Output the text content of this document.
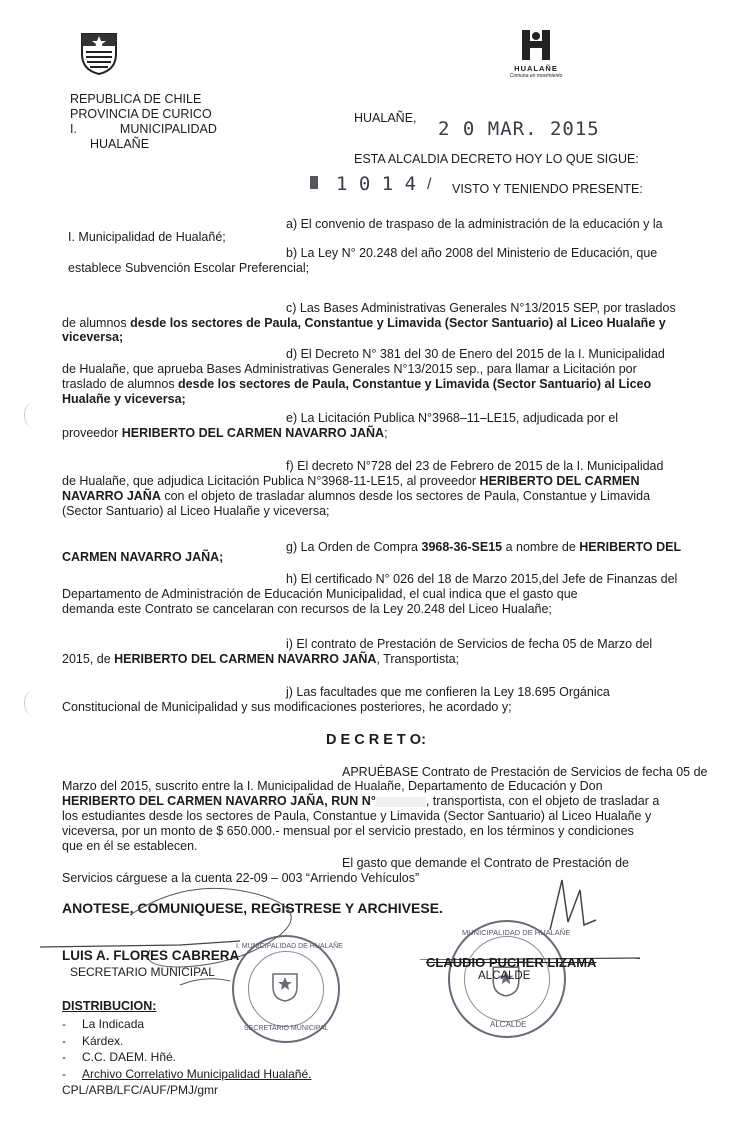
REPUBLICA DE CHILE
PROVINCIA DE CURICO
I.	MUNICIPALIDAD
HUALAÑE
HUALAÑE
Comuna en movimiento
HUALAÑE, 2 0 MAR. 2015
ESTA ALCALDIA DECRETO HOY LO QUE SIGUE:
1 0 1 4 / VISTO Y TENIENDO PRESENTE:
a) El convenio de traspaso de la administración de la educación y la
I. Municipalidad de Hualañé;
b) La Ley N° 20.248 del año 2008 del Ministerio de Educación, que
establece Subvención Escolar Preferencial;
c) Las Bases Administrativas Generales N°13/2015 SEP, por traslados
de alumnos desde los sectores de Paula, Constantue y Limavida (Sector Santuario) al Liceo Hualañe y
viceversa;
d) El Decreto N° 381 del 30 de Enero del 2015 de la I. Municipalidad
de Hualañe, que aprueba Bases Administrativas Generales N°13/2015 sep., para llamar a Licitación por
traslado de alumnos desde los sectores de Paula, Constantue y Limavida (Sector Santuario) al Liceo
Hualañe y viceversa;
e) La Licitación Publica N°3968–11–LE15, adjudicada por el
proveedor HERIBERTO DEL CARMEN NAVARRO JAÑA;
f) El decreto N°728 del 23 de Febrero de 2015 de la I. Municipalidad
de Hualañe, que adjudica Licitación Publica N°3968-11-LE15, al proveedor HERIBERTO DEL CARMEN
NAVARRO JAÑA con el objeto de trasladar alumnos desde los sectores de Paula, Constantue y Limavida
(Sector Santuario) al Liceo Hualañe y viceversa;
g) La Orden de Compra 3968-36-SE15 a nombre de HERIBERTO DEL
CARMEN NAVARRO JAÑA;
h) El certificado N° 026 del 18 de Marzo 2015,del Jefe de Finanzas del
Departamento de Administración de Educación Municipalidad, el cual indica que el gasto que
demanda este Contrato se cancelaran con recursos de la Ley 20.248 del Liceo Hualañe;
i) El contrato de Prestación de Servicios de fecha 05 de Marzo del
2015, de HERIBERTO DEL CARMEN NAVARRO JAÑA, Transportista;
j) Las facultades que me confieren la Ley 18.695 Orgánica
Constitucional de Municipalidad y sus modificaciones posteriores, he acordado y;
D E C R E T O:
APRUÉBASE Contrato de Prestación de Servicios de fecha 05 de
Marzo del 2015, suscrito entre la I. Municipalidad de Hualañe, Departamento de Educación y Don
HERIBERTO DEL CARMEN NAVARRO JAÑA, RUN N°	, transportista, con el objeto de trasladar a
los estudiantes desde los sectores de Paula, Constantue y Limavida (Sector Santuario) al Liceo Hualañe y
viceversa, por un monto de $ 650.000.- mensual por el servicio prestado, en los términos y condiciones
que en él se establecen.
El gasto que demande el Contrato de Prestación de
Servicios cárguese a la cuenta 22-09 – 003 “Arriendo Vehículos”
ANOTESE, COMUNIQUESE, REGISTRESE Y ARCHIVESE.
I. MUNICIPALIDAD DE HUALAÑE
SECRETARIO MUNICIPAL
MUNICIPALIDAD DE HUALAÑE
ALCALDE
LUIS A. FLORES CABRERA
SECRETARIO MUNICIPAL
CLAUDIO PUCHER LIZAMA
ALCALDE
DISTRIBUCION:
- La Indicada
- Kárdex.
- C.C. DAEM. Hñé.
- Archivo Correlativo Municipalidad Hualañé.
CPL/ARB/LFC/AUF/PMJ/gmr
